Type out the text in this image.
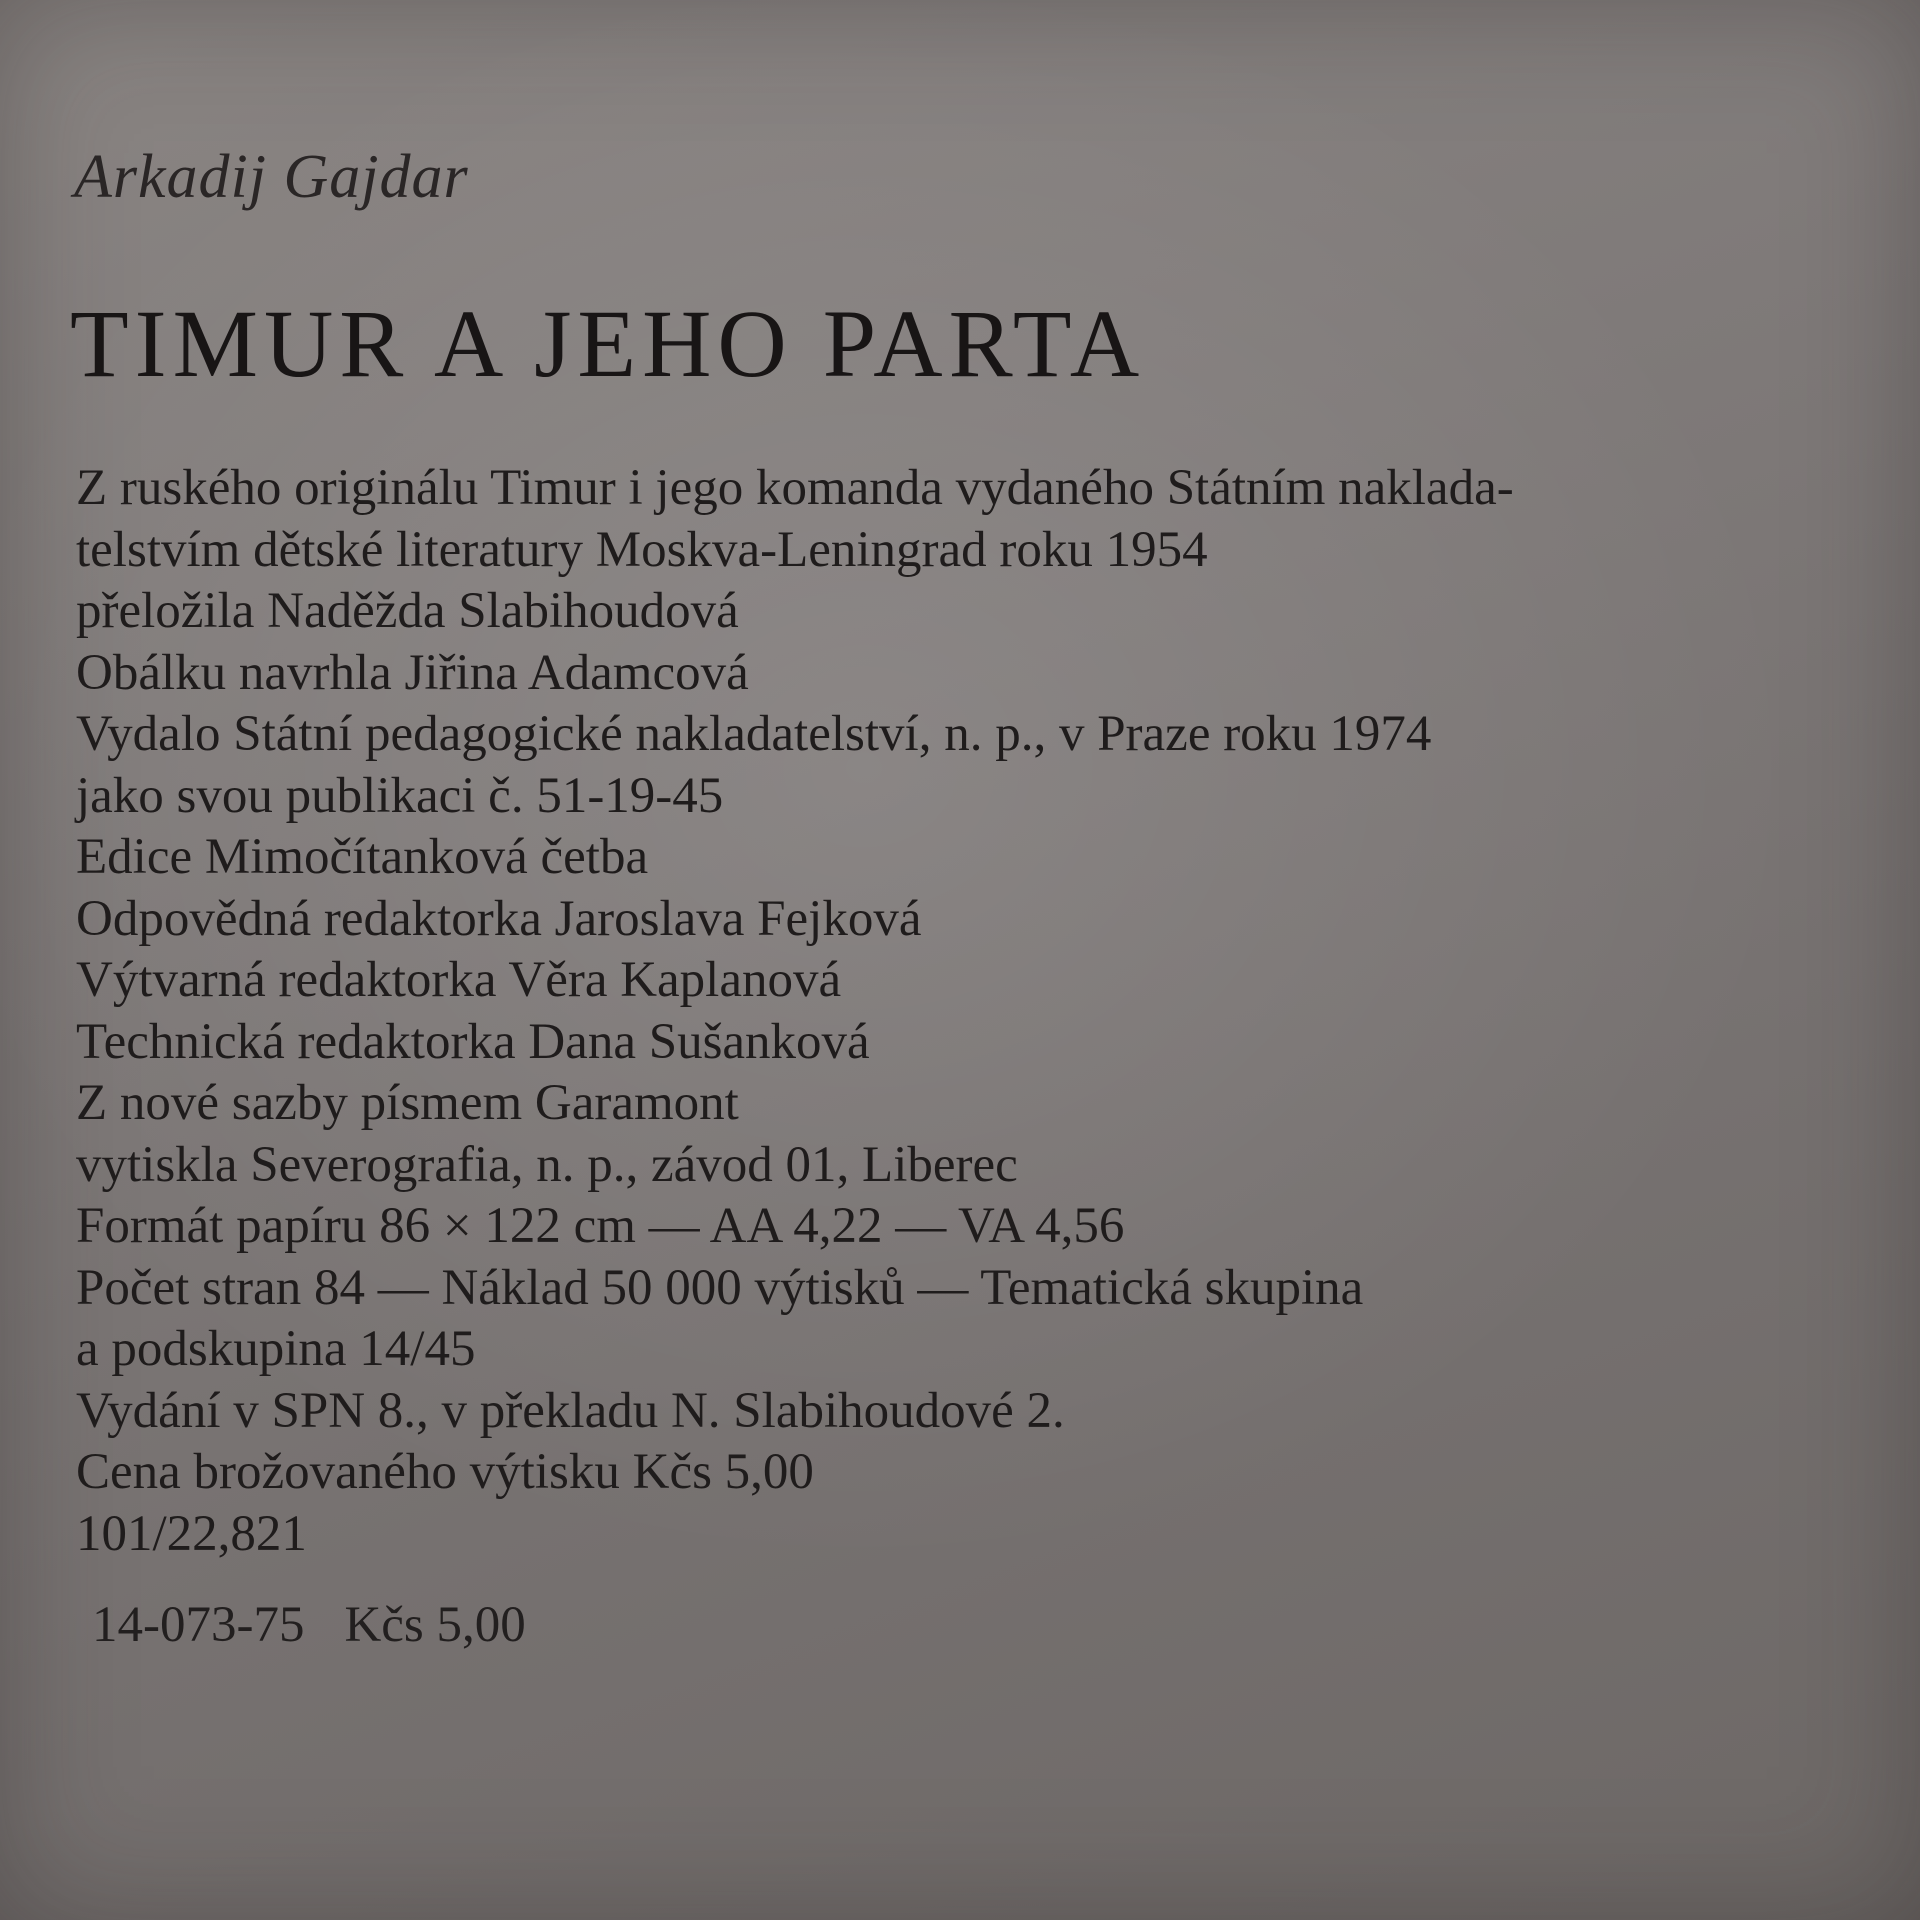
Arkadij Gajdar
TIMUR A JEHO PARTA
Z ruského originálu Timur i jego komanda vydaného Státním naklada-
telstvím dětské literatury Moskva-Leningrad roku 1954
přeložila Naděžda Slabihoudová
Obálku navrhla Jiřina Adamcová
Vydalo Státní pedagogické nakladatelství, n. p., v Praze roku 1974
jako svou publikaci č. 51-19-45
Edice Mimočítanková četba
Odpovědná redaktorka Jaroslava Fejková
Výtvarná redaktorka Věra Kaplanová
Technická redaktorka Dana Sušanková
Z nové sazby písmem Garamont
vytiskla Severografia, n. p., závod 01, Liberec
Formát papíru 86 × 122 cm — AA 4,22 — VA 4,56
Počet stran 84 — Náklad 50 000 výtisků — Tematická skupina
a podskupina 14/45
Vydání v SPN 8., v překladu N. Slabihoudové 2.
Cena brožovaného výtisku Kčs 5,00
101/22,821
14-073-75 Kčs 5,00
